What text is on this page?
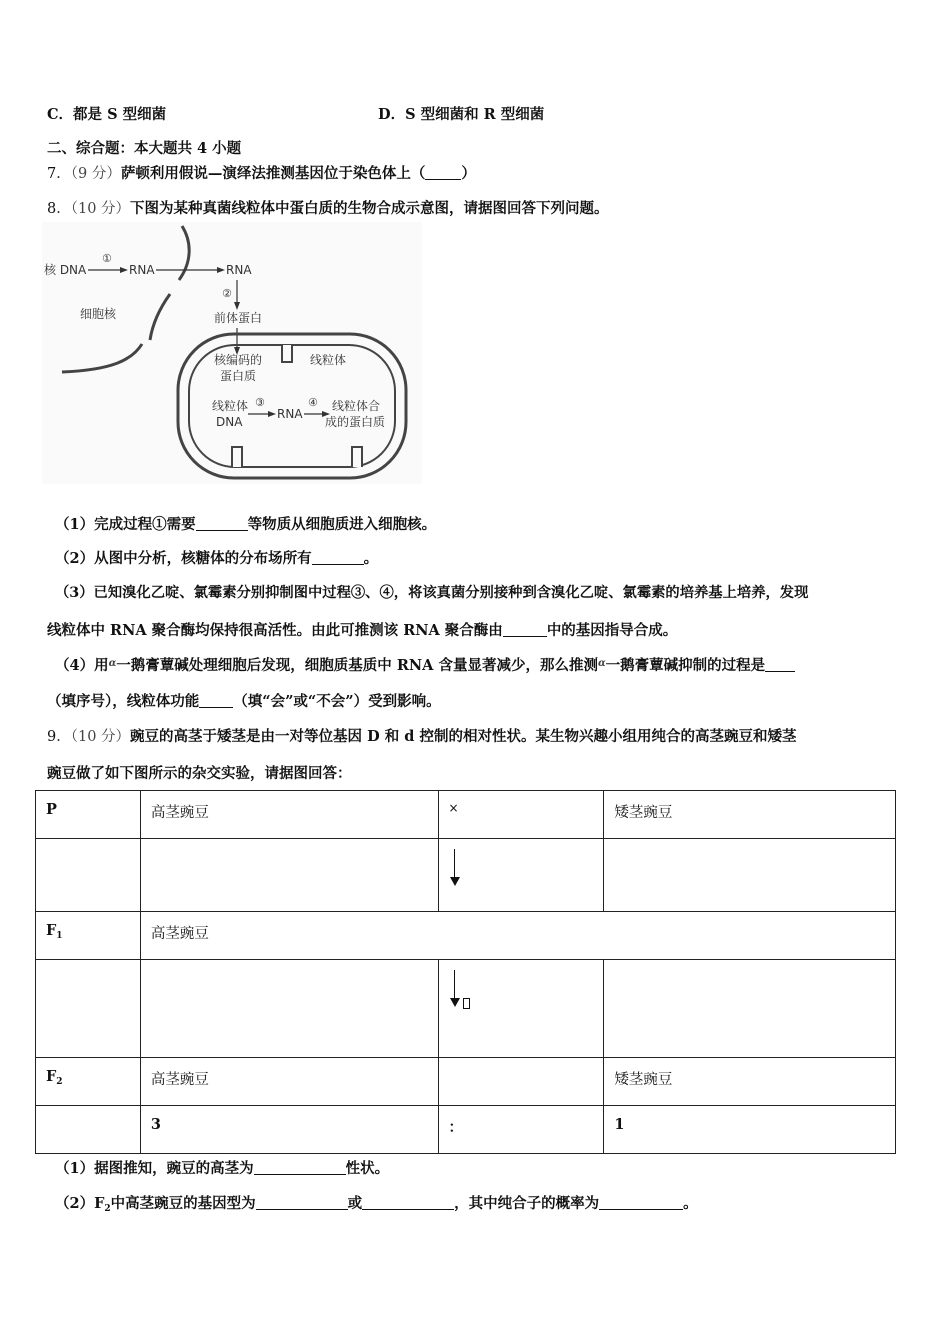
C．都是 S 型细菌	D．S 型细菌和 R 型细菌
二、综合题：本大题共 4 小题
7．（9 分）萨顿利用假说—演绎法推测基因位于染色体上（ ）
8．（10 分）下图为某种真菌线粒体中蛋白质的生物合成示意图，请据图回答下列问题。
核 DNA
①
RNA	RNA
②
前体蛋白
细胞核
核编码的
蛋白质
线粒体
线粒体
DNA
③
RNA
④ 线粒体合
成的蛋白质
（1）完成过程①需要	等物质从细胞质进入细胞核。
（2）从图中分析，核糖体的分布场所有	。
（3）已知溴化乙啶、氯霉素分别抑制图中过程③、④，将该真菌分别接种到含溴化乙啶、氯霉素的培养基上培养，发现
线粒体中 RNA 聚合酶均保持很高活性。由此可推测该 RNA 聚合酶由	中的基因指导合成。
（4）用$^\alpha$一鹅膏蕈碱处理细胞后发现，细胞质基质中 RNA 含量显著减少，那么推测$^\alpha$一鹅膏蕈碱抑制的过程是
（填序号），线粒体功能 （填“会”或“不会”）受到影响。
9．（10 分）豌豆的高茎于矮茎是由一对等位基因 D 和 d 控制的相对性状。某生物兴趣小组用纯合的高茎豌豆和矮茎
豌豆做了如下图所示的杂交实验，请据图回答：
P	高茎豌豆	×	矮茎豌豆

$F_1$	高茎豌豆		

$F_2$	高茎豌豆		矮茎豌豆
	3	：	1
（1）据图推知，豌豆的高茎为	性状。
$(2)F_2$中高茎豌豆的基因型为	或	，其中纯合子的概率为	。
